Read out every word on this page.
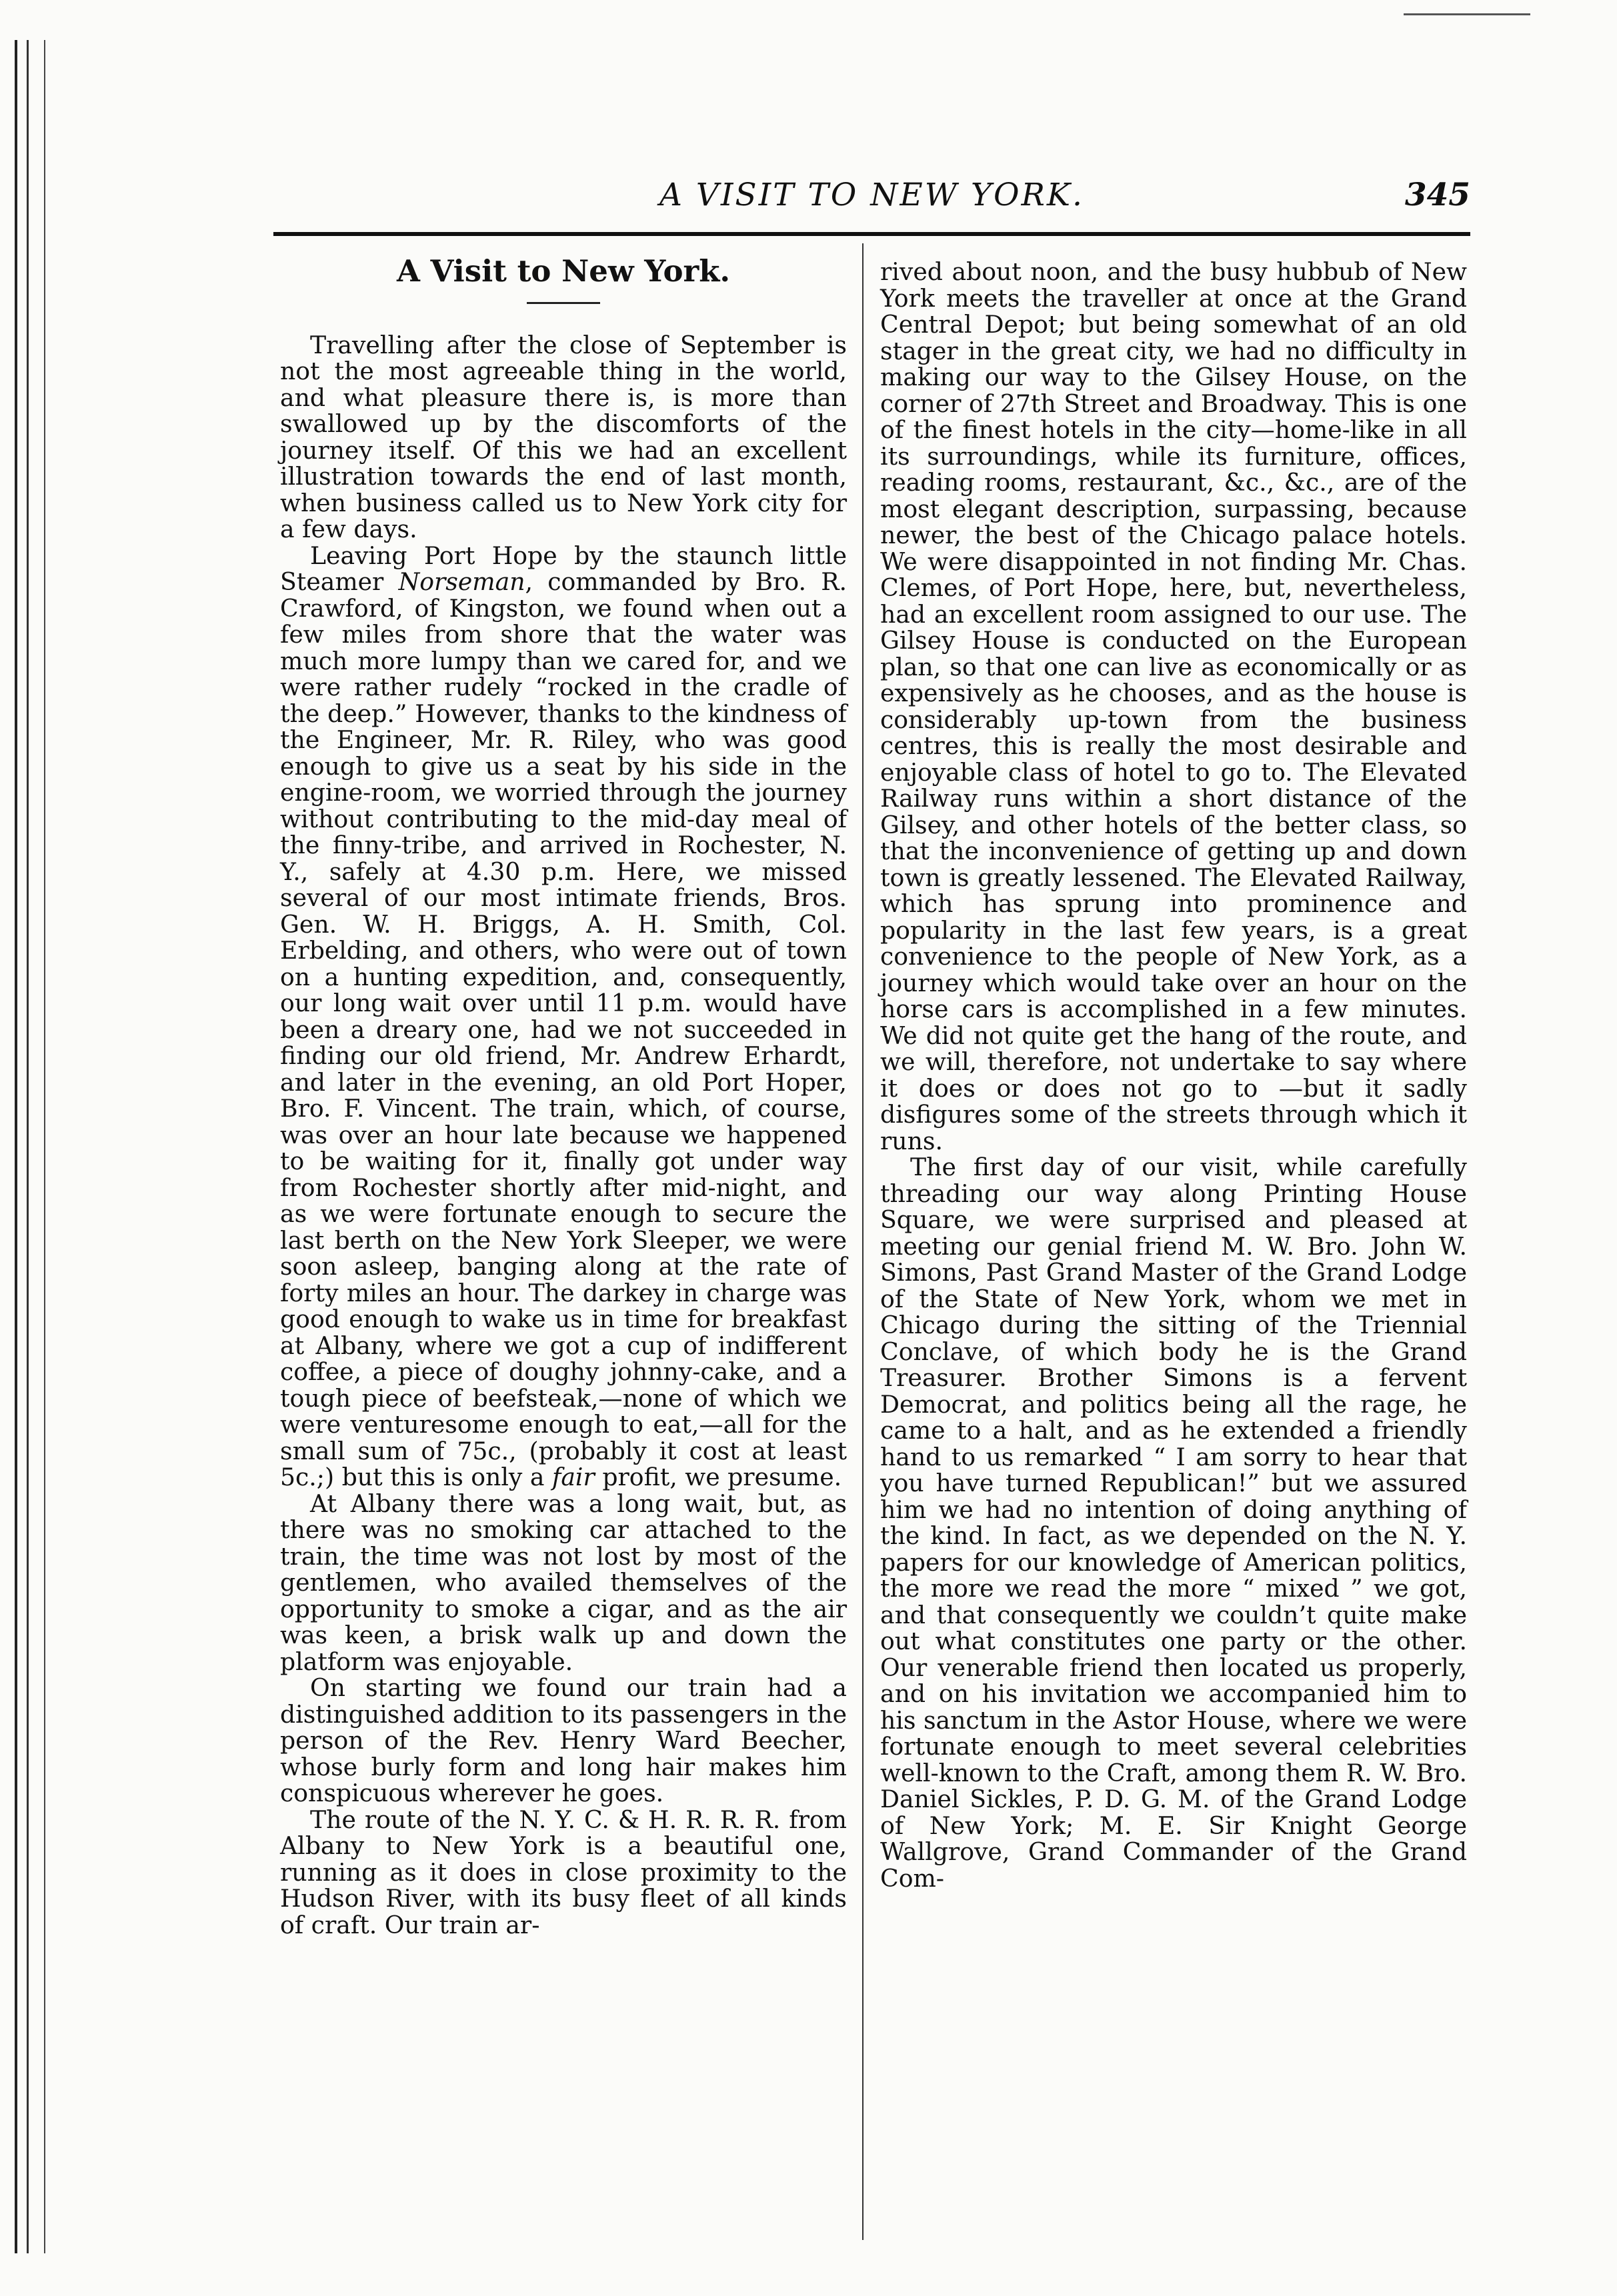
A VISIT TO NEW YORK.	345
A Visit to New York.

Travelling after the close of September is not the most agreeable thing in the world, and what pleasure there is, is more than swallowed up by the discomforts of the journey itself. Of this we had an excellent illustration towards the end of last month, when business called us to New York city for a few days.

Leaving Port Hope by the staunch little Steamer Norseman, commanded by Bro. R. Crawford, of Kingston, we found when out a few miles from shore that the water was much more lumpy than we cared for, and we were rather rudely “rocked in the cradle of the deep.” However, thanks to the kindness of the Engineer, Mr. R. Riley, who was good enough to give us a seat by his side in the engine-room, we worried through the journey without contributing to the mid-day meal of the finny-tribe, and arrived in Rochester, N. Y., safely at 4.30 p.m. Here, we missed several of our most intimate friends, Bros. Gen. W. H. Briggs, A. H. Smith, Col. Erbelding, and others, who were out of town on a hunting expedition, and, consequently, our long wait over until 11 p.m. would have been a dreary one, had we not succeeded in finding our old friend, Mr. Andrew Erhardt, and later in the evening, an old Port Hoper, Bro. F. Vincent. The train, which, of course, was over an hour late because we happened to be waiting for it, finally got under way from Rochester shortly after mid-night, and as we were fortunate enough to secure the last berth on the New York Sleeper, we were soon asleep, banging along at the rate of forty miles an hour. The darkey in charge was good enough to wake us in time for breakfast at Albany, where we got a cup of indifferent coffee, a piece of doughy johnny-cake, and a tough piece of beefsteak,—none of which we were venturesome enough to eat,—all for the small sum of 75c., (probably it cost at least 5c.;) but this is only a fair profit, we presume.

At Albany there was a long wait, but, as there was no smoking car attached to the train, the time was not lost by most of the gentlemen, who availed themselves of the opportunity to smoke a cigar, and as the air was keen, a brisk walk up and down the platform was enjoyable.

On starting we found our train had a distinguished addition to its passengers in the person of the Rev. Henry Ward Beecher, whose burly form and long hair makes him conspicuous wherever he goes.

The route of the N. Y. C. & H. R. R. R. from Albany to New York is a beautiful one, running as it does in close proximity to the Hudson River, with its busy fleet of all kinds of craft. Our train ar-

rived about noon, and the busy hubbub of New York meets the traveller at once at the Grand Central Depot; but being somewhat of an old stager in the great city, we had no difficulty in making our way to the Gilsey House, on the corner of 27th Street and Broadway. This is one of the finest hotels in the city—home-like in all its surroundings, while its furniture, offices, reading rooms, restaurant, &c., &c., are of the most elegant description, surpassing, because newer, the best of the Chicago palace hotels. We were disappointed in not finding Mr. Chas. Clemes, of Port Hope, here, but, nevertheless, had an excellent room assigned to our use. The Gilsey House is conducted on the European plan, so that one can live as economically or as expensively as he chooses, and as the house is considerably up-town from the business centres, this is really the most desirable and enjoyable class of hotel to go to. The Elevated Railway runs within a short distance of the Gilsey, and other hotels of the better class, so that the inconvenience of getting up and down town is greatly lessened. The Elevated Railway, which has sprung into prominence and popularity in the last few years, is a great convenience to the people of New York, as a journey which would take over an hour on the horse cars is accomplished in a few minutes. We did not quite get the hang of the route, and we will, therefore, not undertake to say where it does or does not go to —but it sadly disfigures some of the streets through which it runs.

The first day of our visit, while carefully threading our way along Printing House Square, we were surprised and pleased at meeting our genial friend M. W. Bro. John W. Simons, Past Grand Master of the Grand Lodge of the State of New York, whom we met in Chicago during the sitting of the Triennial Conclave, of which body he is the Grand Treasurer. Brother Simons is a fervent Democrat, and politics being all the rage, he came to a halt, and as he extended a friendly hand to us remarked “ I am sorry to hear that you have turned Republican!” but we assured him we had no intention of doing anything of the kind. In fact, as we depended on the N. Y. papers for our knowledge of American politics, the more we read the more “ mixed ” we got, and that consequently we couldn’t quite make out what constitutes one party or the other. Our venerable friend then located us properly, and on his invitation we accompanied him to his sanctum in the Astor House, where we were fortunate enough to meet several celebrities well-known to the Craft, among them R. W. Bro. Daniel Sickles, P. D. G. M. of the Grand Lodge of New York; M. E. Sir Knight George Wallgrove, Grand Commander of the Grand Com-
